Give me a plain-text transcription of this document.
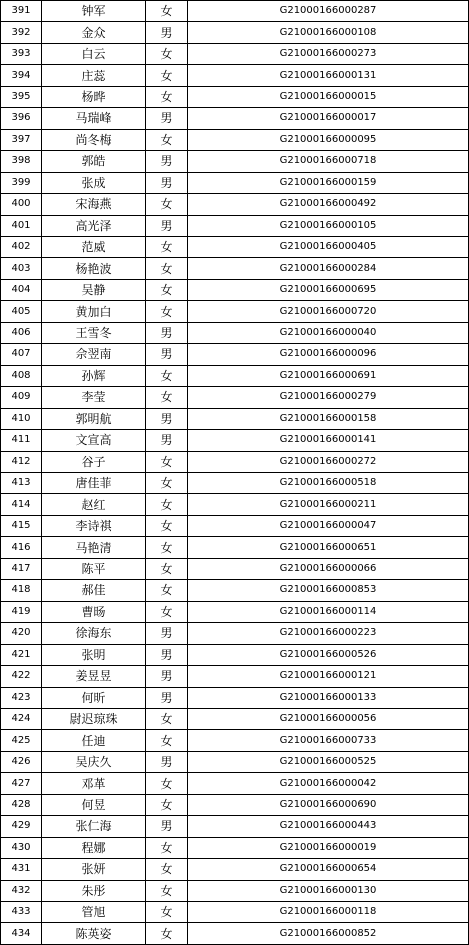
391	钟军	女	G21000166000287
392	金众	男	G21000166000108
393	白云	女	G21000166000273
394	庄蕊	女	G21000166000131
395	杨晔	女	G21000166000015
396	马瑞峰	男	G21000166000017
397	尚冬梅	女	G21000166000095
398	郭皓	男	G21000166000718
399	张成	男	G21000166000159
400	宋海燕	女	G21000166000492
401	高光泽	男	G21000166000105
402	范威	女	G21000166000405
403	杨艳波	女	G21000166000284
404	吴静	女	G21000166000695
405	黄加白	女	G21000166000720
406	王雪冬	男	G21000166000040
407	佘翌南	男	G21000166000096
408	孙辉	女	G21000166000691
409	李莹	女	G21000166000279
410	郭明航	男	G21000166000158
411	文宣高	男	G21000166000141
412	谷子	女	G21000166000272
413	唐佳菲	女	G21000166000518
414	赵红	女	G21000166000211
415	李诗祺	女	G21000166000047
416	马艳清	女	G21000166000651
417	陈平	女	G21000166000066
418	郝佳	女	G21000166000853
419	曹旸	女	G21000166000114
420	徐海东	男	G21000166000223
421	张明	男	G21000166000526
422	姜昱昱	男	G21000166000121
423	何昕	男	G21000166000133
424	尉迟琼珠	女	G21000166000056
425	任迪	女	G21000166000733
426	吴庆久	男	G21000166000525
427	邓革	女	G21000166000042
428	何昱	女	G21000166000690
429	张仁海	男	G21000166000443
430	程娜	女	G21000166000019
431	张妍	女	G21000166000654
432	朱彤	女	G21000166000130
433	管旭	女	G21000166000118
434	陈英姿	女	G21000166000852
